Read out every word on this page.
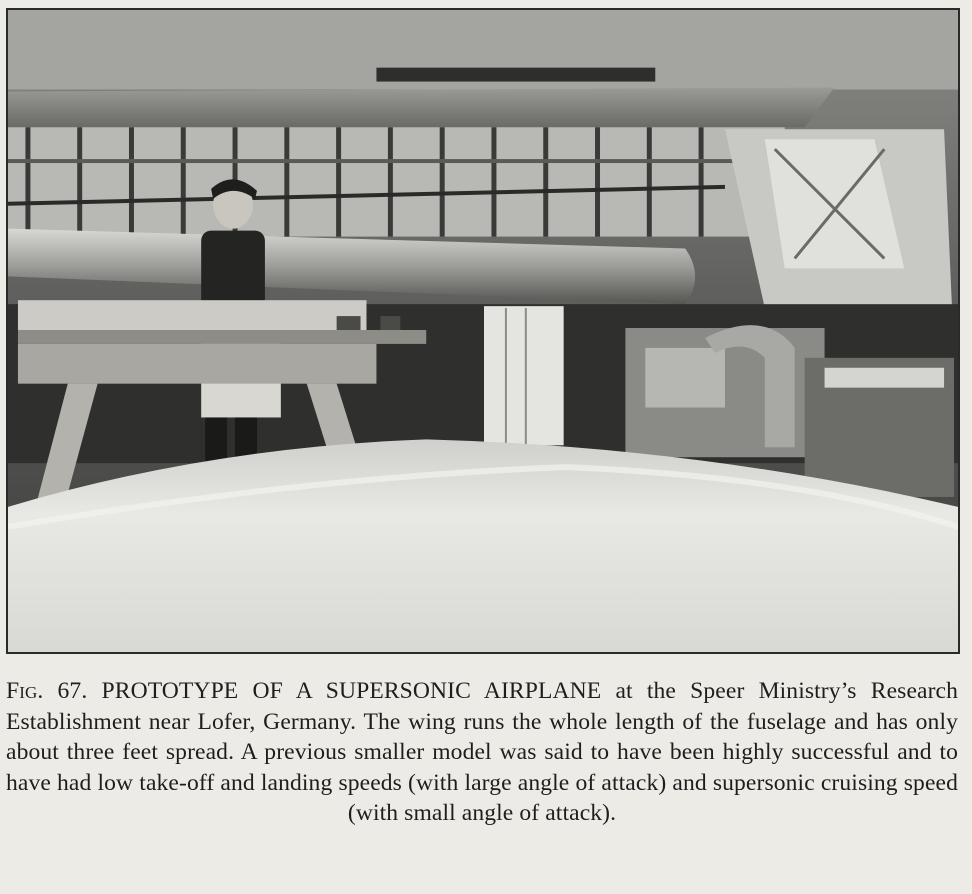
Fig. 67. PROTOTYPE OF A SUPERSONIC AIRPLANE at the Speer Ministry’s Research Establishment near Lofer, Germany. The wing runs the whole length of the fuselage and has only about three feet spread. A previous smaller model was said to have been highly successful and to have had low take-off and landing speeds (with large angle of attack) and supersonic cruising speed (with small angle of attack).
